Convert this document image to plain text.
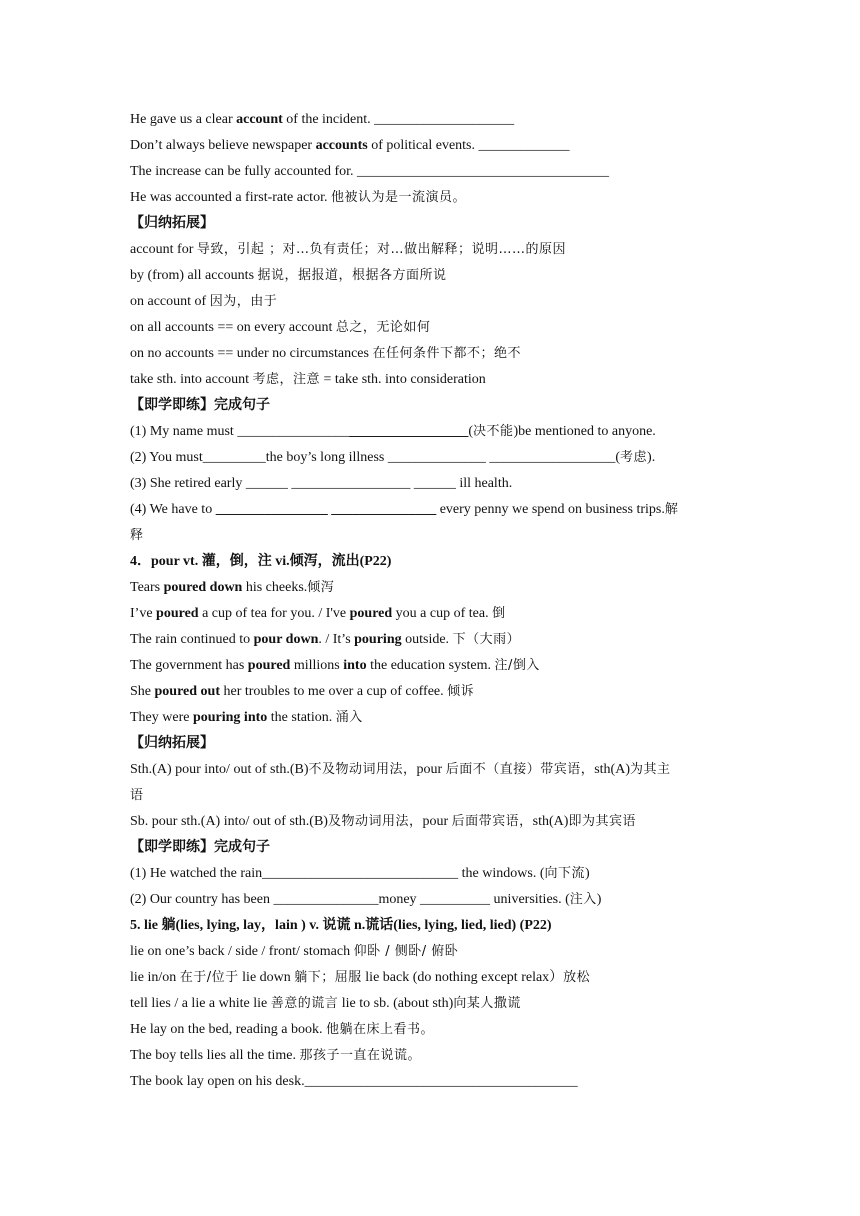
He gave us a clear account of the incident. ____________________
Don’t always believe newspaper accounts of political events. _____________
The increase can be fully accounted for. ____________________________________
He was accounted a first-rate actor. 他被认为是一流演员。
【归纳拓展】
account for 导致，引起 ；对…负有责任；对…做出解释；说明……的原因
by (from) all accounts 据说，据报道，根据各方面所说
on account of 因为，由于
on all accounts == on every account 总之，无论如何
on no accounts == under no circumstances 在任何条件下都不；绝不
take sth. into account 考虑，注意 = take sth. into consideration
【即学即练】完成句子
(1) My name must _________________________________(决不能)be mentioned to anyone.
(2) You must_________the boy’s long illness ______________ __________________(考虑).
(3) She retired early ______ _________________ ______ ill health.
(4) We have to ________________ _______________ every penny we spend on business trips.解
释
4．pour vt. 灌，倒，注 vi.倾泻，流出(P22)
Tears poured down his cheeks.倾泻
I’ve poured a cup of tea for you. / I've poured you a cup of tea. 倒
The rain continued to pour down. / It’s pouring outside. 下（大雨）
The government has poured millions into the education system. 注/倒入
She poured out her troubles to me over a cup of coffee. 倾诉
They were pouring into the station. 涌入
【归纳拓展】
Sth.(A) pour into/ out of sth.(B)不及物动词用法，pour 后面不（直接）带宾语，sth(A)为其主
语
Sb. pour sth.(A) into/ out of sth.(B)及物动词用法，pour 后面带宾语，sth(A)即为其宾语
【即学即练】完成句子
(1) He watched the rain____________________________ the windows. (向下流)
(2) Our country has been _______________money __________ universities. (注入)
5. lie 躺(lies, lying, lay，lain ) v. 说谎 n.谎话(lies, lying, lied, lied) (P22)
lie on one’s back / side / front/ stomach 仰卧 / 侧卧/ 俯卧
lie in/on 在于/位于 lie down 躺下；屈服 lie back (do nothing except relax）放松
tell lies / a lie a white lie 善意的谎言 lie to sb. (about sth)向某人撒谎
He lay on the bed, reading a book. 他躺在床上看书。
The boy tells lies all the time. 那孩子一直在说谎。
The book lay open on his desk._______________________________________
